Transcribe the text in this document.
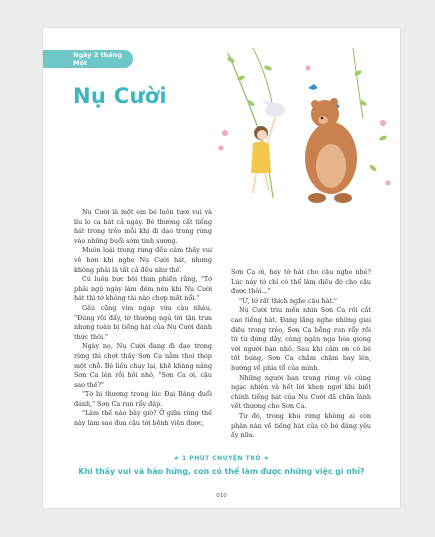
Ngày 2 tháng Một
Nụ Cười

Nụ Cười là một em bé luôn tươi vui và líu lo ca hát cả ngày. Bé thường cất tiếng hát trong trẻo mỗi khi đi dạo trong rừng vào những buổi sớm tinh sương.

Muôn loài trong rừng đều cảm thấy vui vẻ hơn khi nghe Nụ Cười hát, nhưng không phải là tất cả đều như thế.

Cú luôn bực bội than phiền rằng, "Tớ phải ngủ ngày làm đêm nên khi Nụ Cười hát thì tớ không tài nào chợp mắt nổi."

Gấu cũng vừa ngáp vừa càu nhàu, "Đúng rồi đấy, tớ thường ngủ tới tận trưa nhưng toàn bị tiếng hát của Nụ Cười đánh thức thôi."

Ngày nọ, Nụ Cười đang đi dạo trong rừng thì chợt thấy Sơn Ca nằm thoi thóp một chỗ. Bé liền chạy lại, khẽ khàng nâng Sơn Ca lên rồi hỏi nhỏ, "Sơn Ca ơi, cậu sao thế?"

"Tớ bị thương trong lúc Đại Bàng đuổi đánh," Sơn Ca run rẩy đáp.

"Làm thế nào bây giờ? Ở giữa rừng thế này làm sao đưa cậu tới bệnh viện được,

Sơn Ca ơi, hay tớ hát cho cậu nghe nhé? Lúc này tớ chỉ có thể làm điều đó cho cậu được thôi..."

"Ừ, tớ rất thích nghe cậu hát."

Nụ Cười trìu mến nhìn Sơn Ca rồi cất cao tiếng hát. Đang lắng nghe những giai điệu trong trẻo, Sơn Ca bỗng run rẩy rồi từ từ đứng dậy, cùng ngân nga hòa giọng với người bạn nhỏ. Sau khi cảm ơn cô bé tốt bụng, Sơn Ca chầm chậm bay lên, hướng về phía tổ của mình.

Những người bạn trong rừng vô cùng ngạc nhiên và hết lời khen ngợi khi biết chính tiếng hát của Nụ Cười đã chữa lành vết thương cho Sơn Ca.

Từ đó, trong khu rừng không ai còn phàn nàn về tiếng hát của cô bé đáng yêu ấy nữa.

★ 1 PHÚT CHUYỆN TRÒ ★
Khi thấy vui và hào hứng, con có thể làm được những việc gì nhỉ?
010
